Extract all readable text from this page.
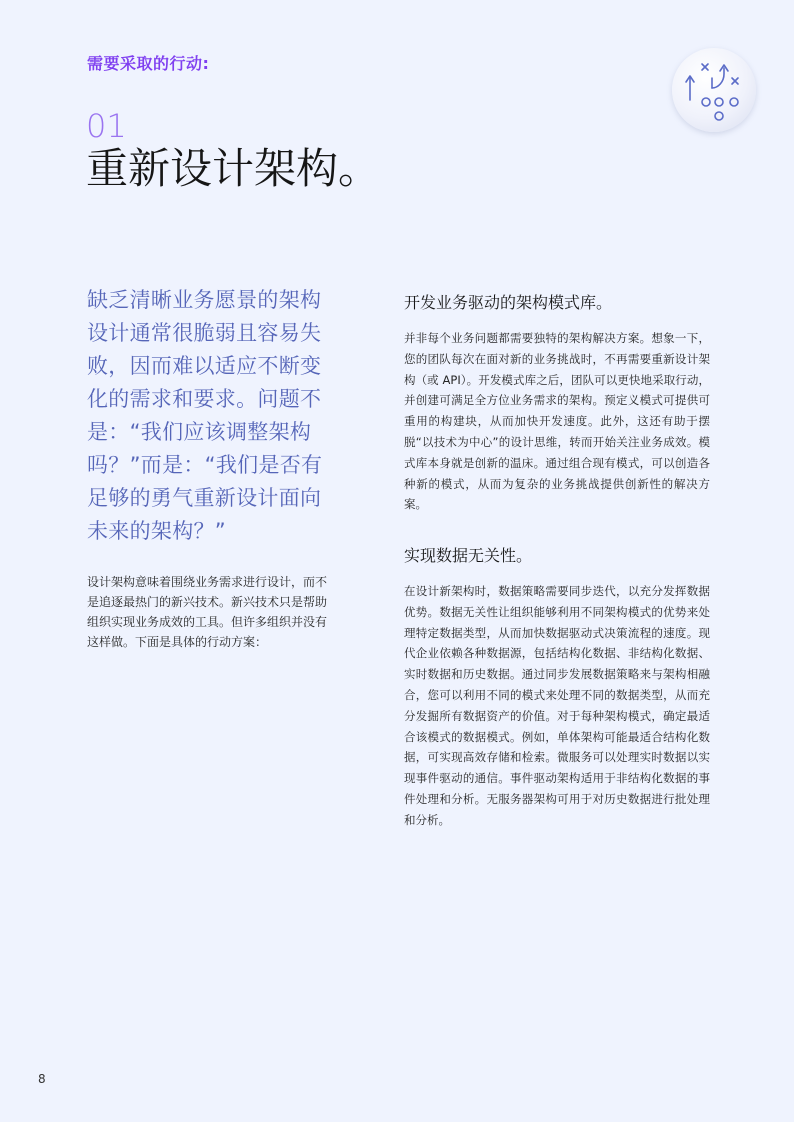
需要采取的行动:
01
重新设计架构。
缺乏清晰业务愿景的架构设计通常很脆弱且容易失败，因而难以适应不断变化的需求和要求。问题不是：“我们应该调整架构吗？”而是：“我们是否有足够的勇气重新设计面向未来的架构？”
设计架构意味着围绕业务需求进行设计，而不是追逐最热门的新兴技术。新兴技术只是帮助组织实现业务成效的工具。但许多组织并没有这样做。下面是具体的行动方案：
开发业务驱动的架构模式库。

并非每个业务问题都需要独特的架构解决方案。想象一下，您的团队每次在面对新的业务挑战时，不再需要重新设计架构（或 API）。开发模式库之后，团队可以更快地采取行动，并创建可满足全方位业务需求的架构。预定义模式可提供可重用的构建块，从而加快开发速度。此外，这还有助于摆脱“以技术为中心”的设计思维，转而开始关注业务成效。模式库本身就是创新的温床。通过组合现有模式，可以创造各种新的模式，从而为复杂的业务挑战提供创新性的解决方案。

实现数据无关性。

在设计新架构时，数据策略需要同步迭代，以充分发挥数据优势。数据无关性让组织能够利用不同架构模式的优势来处理特定数据类型，从而加快数据驱动式决策流程的速度。现代企业依赖各种数据源，包括结构化数据、非结构化数据、实时数据和历史数据。通过同步发展数据策略来与架构相融合，您可以利用不同的模式来处理不同的数据类型，从而充分发掘所有数据资产的价值。对于每种架构模式，确定最适合该模式的数据模式。例如，单体架构可能最适合结构化数据，可实现高效存储和检索。微服务可以处理实时数据以实现事件驱动的通信。事件驱动架构适用于非结构化数据的事件处理和分析。无服务器架构可用于对历史数据进行批处理和分析。

8
